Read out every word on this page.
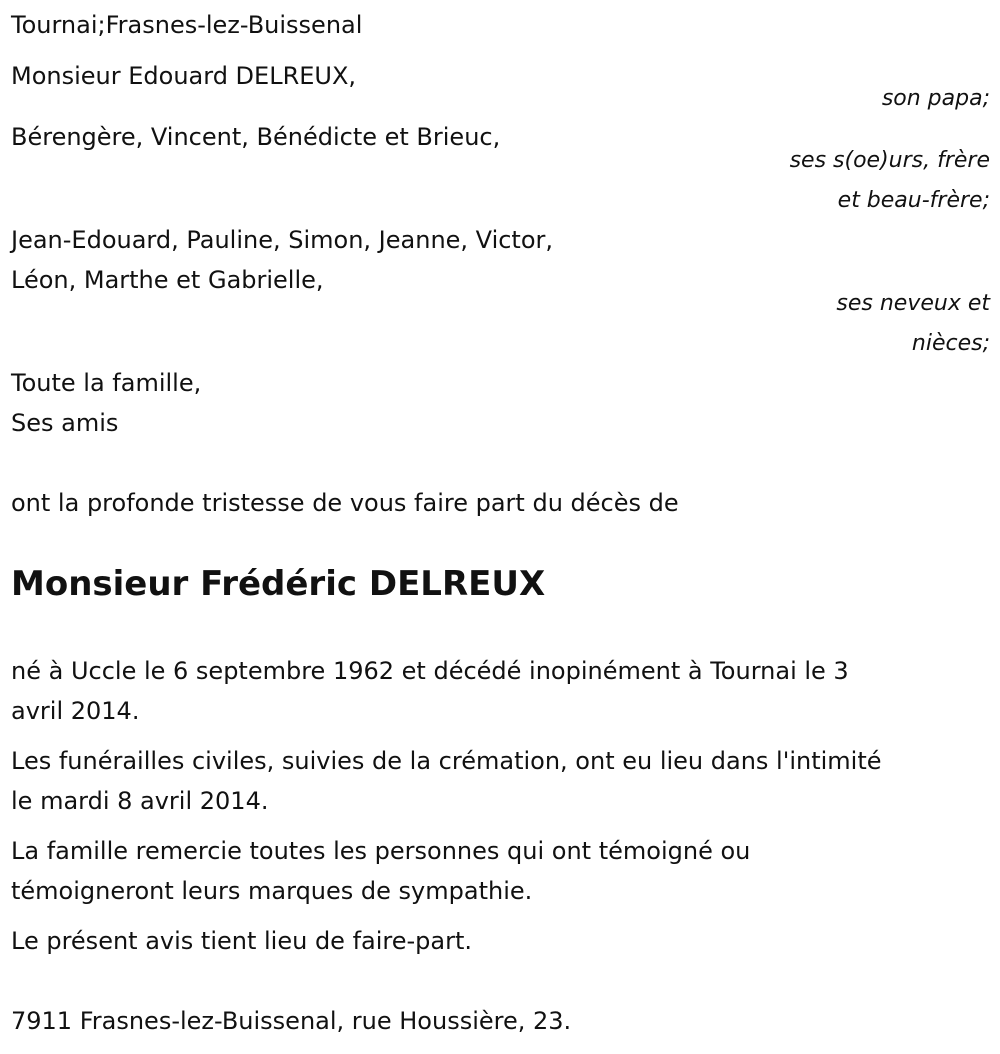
Tournai;Frasnes-lez-Buissenal
Monsieur Edouard DELREUX,
son papa;
Bérengère, Vincent, Bénédicte et Brieuc,
ses s(oe)urs, frère
et beau-frère;
Jean-Edouard, Pauline, Simon, Jeanne, Victor,
Léon, Marthe et Gabrielle,
ses neveux et
nièces;
Toute la famille,
Ses amis
ont la profonde tristesse de vous faire part du décès de
Monsieur Frédéric DELREUX
né à Uccle le 6 septembre 1962 et décédé inopinément à Tournai le 3
avril 2014.
Les funérailles civiles, suivies de la crémation, ont eu lieu dans l'intimité
le mardi 8 avril 2014.
La famille remercie toutes les personnes qui ont témoigné ou
témoigneront leurs marques de sympathie.
Le présent avis tient lieu de faire-part.
7911 Frasnes-lez-Buissenal, rue Houssière, 23.
